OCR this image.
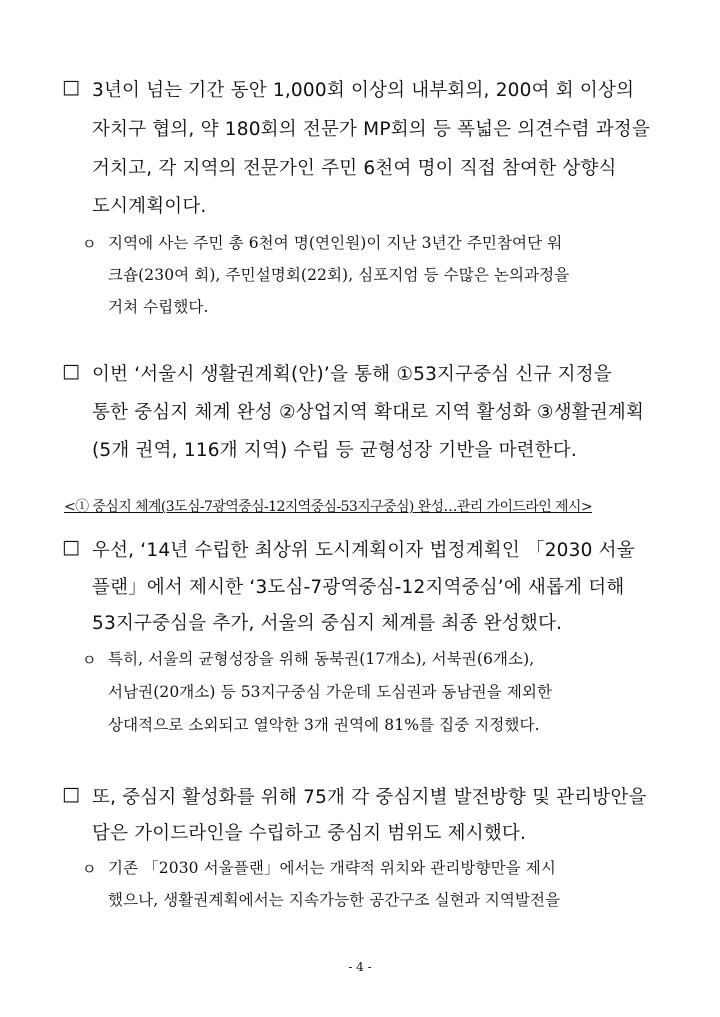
□ 3년이 넘는 기간 동안 1,000회 이상의 내부회의, 200여 회 이상의
자치구 협의, 약 180회의 전문가 MP회의 등 폭넓은 의견수렴 과정을
거치고, 각 지역의 전문가인 주민 6천여 명이 직접 참여한 상향식
도시계획이다.
ㅇ 지역에 사는 주민 총 6천여 명(연인원)이 지난 3년간 주민참여단 워
크숍(230여 회), 주민설명회(22회), 심포지엄 등 수많은 논의과정을
거쳐 수립했다.
□ 이번 ‘서울시 생활권계획(안)’을 통해 ①53지구중심 신규 지정을
통한 중심지 체계 완성 ②상업지역 확대로 지역 활성화 ③생활권계획
(5개 권역, 116개 지역) 수립 등 균형성장 기반을 마련한다.
<① 중심지 체계(3도심-7광역중심-12지역중심-53지구중심) 완성…관리 가이드라인 제시>
□ 우선, ‘14년 수립한 최상위 도시계획이자 법정계획인 「2030 서울
플랜」에서 제시한 ‘3도심-7광역중심-12지역중심’에 새롭게 더해
53지구중심을 추가, 서울의 중심지 체계를 최종 완성했다.
ㅇ 특히, 서울의 균형성장을 위해 동북권(17개소), 서북권(6개소),
서남권(20개소) 등 53지구중심 가운데 도심권과 동남권을 제외한
상대적으로 소외되고 열악한 3개 권역에 81%를 집중 지정했다.
□ 또, 중심지 활성화를 위해 75개 각 중심지별 발전방향 및 관리방안을
담은 가이드라인을 수립하고 중심지 범위도 제시했다.
ㅇ 기존 「2030 서울플랜」에서는 개략적 위치와 관리방향만을 제시
했으나, 생활권계획에서는 지속가능한 공간구조 실현과 지역발전을
- 4 -
